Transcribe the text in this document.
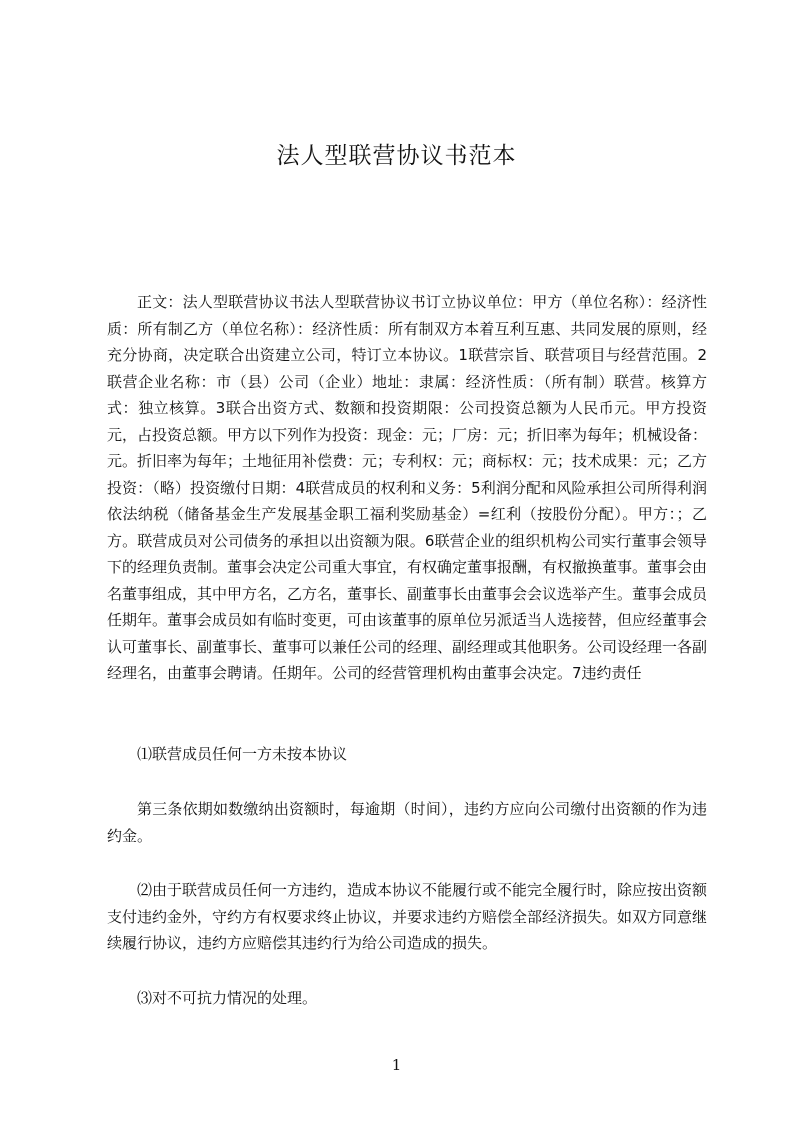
法人型联营协议书范本

正文：法人型联营协议书法人型联营协议书订立协议单位：甲方（单位名称）：经济性质：所有制乙方（单位名称）：经济性质：所有制双方本着互利互惠、共同发展的原则，经充分协商，决定联合出资建立公司，特订立本协议。1联营宗旨、联营项目与经营范围。2联营企业名称：市（县）公司（企业）地址：隶属：经济性质：（所有制）联营。核算方式：独立核算。3联合出资方式、数额和投资期限：公司投资总额为人民币元。甲方投资元，占投资总额。甲方以下列作为投资：现金：元；厂房：元；折旧率为每年；机械设备：元。折旧率为每年；土地征用补偿费：元；专利权：元；商标权：元；技术成果：元；乙方投资：（略）投资缴付日期：4联营成员的权利和义务：5利润分配和风险承担公司所得利润依法纳税（储备基金生产发展基金职工福利奖励基金）=红利（按股份分配）。甲方：；乙方。联营成员对公司债务的承担以出资额为限。6联营企业的组织机构公司实行董事会领导下的经理负责制。董事会决定公司重大事宜，有权确定董事报酬，有权撤换董事。董事会由名董事组成，其中甲方名，乙方名，董事长、副董事长由董事会会议选举产生。董事会成员任期年。董事会成员如有临时变更，可由该董事的原单位另派适当人选接替，但应经董事会认可董事长、副董事长、董事可以兼任公司的经理、副经理或其他职务。公司设经理一各副经理名，由董事会聘请。任期年。公司的经营管理机构由董事会决定。7违约责任

⑴联营成员任何一方未按本协议

第三条依期如数缴纳出资额时，每逾期（时间），违约方应向公司缴付出资额的作为违约金。

⑵由于联营成员任何一方违约，造成本协议不能履行或不能完全履行时，除应按出资额支付违约金外，守约方有权要求终止协议，并要求违约方赔偿全部经济损失。如双方同意继续履行协议，违约方应赔偿其违约行为给公司造成的损失。

⑶对不可抗力情况的处理。

1
